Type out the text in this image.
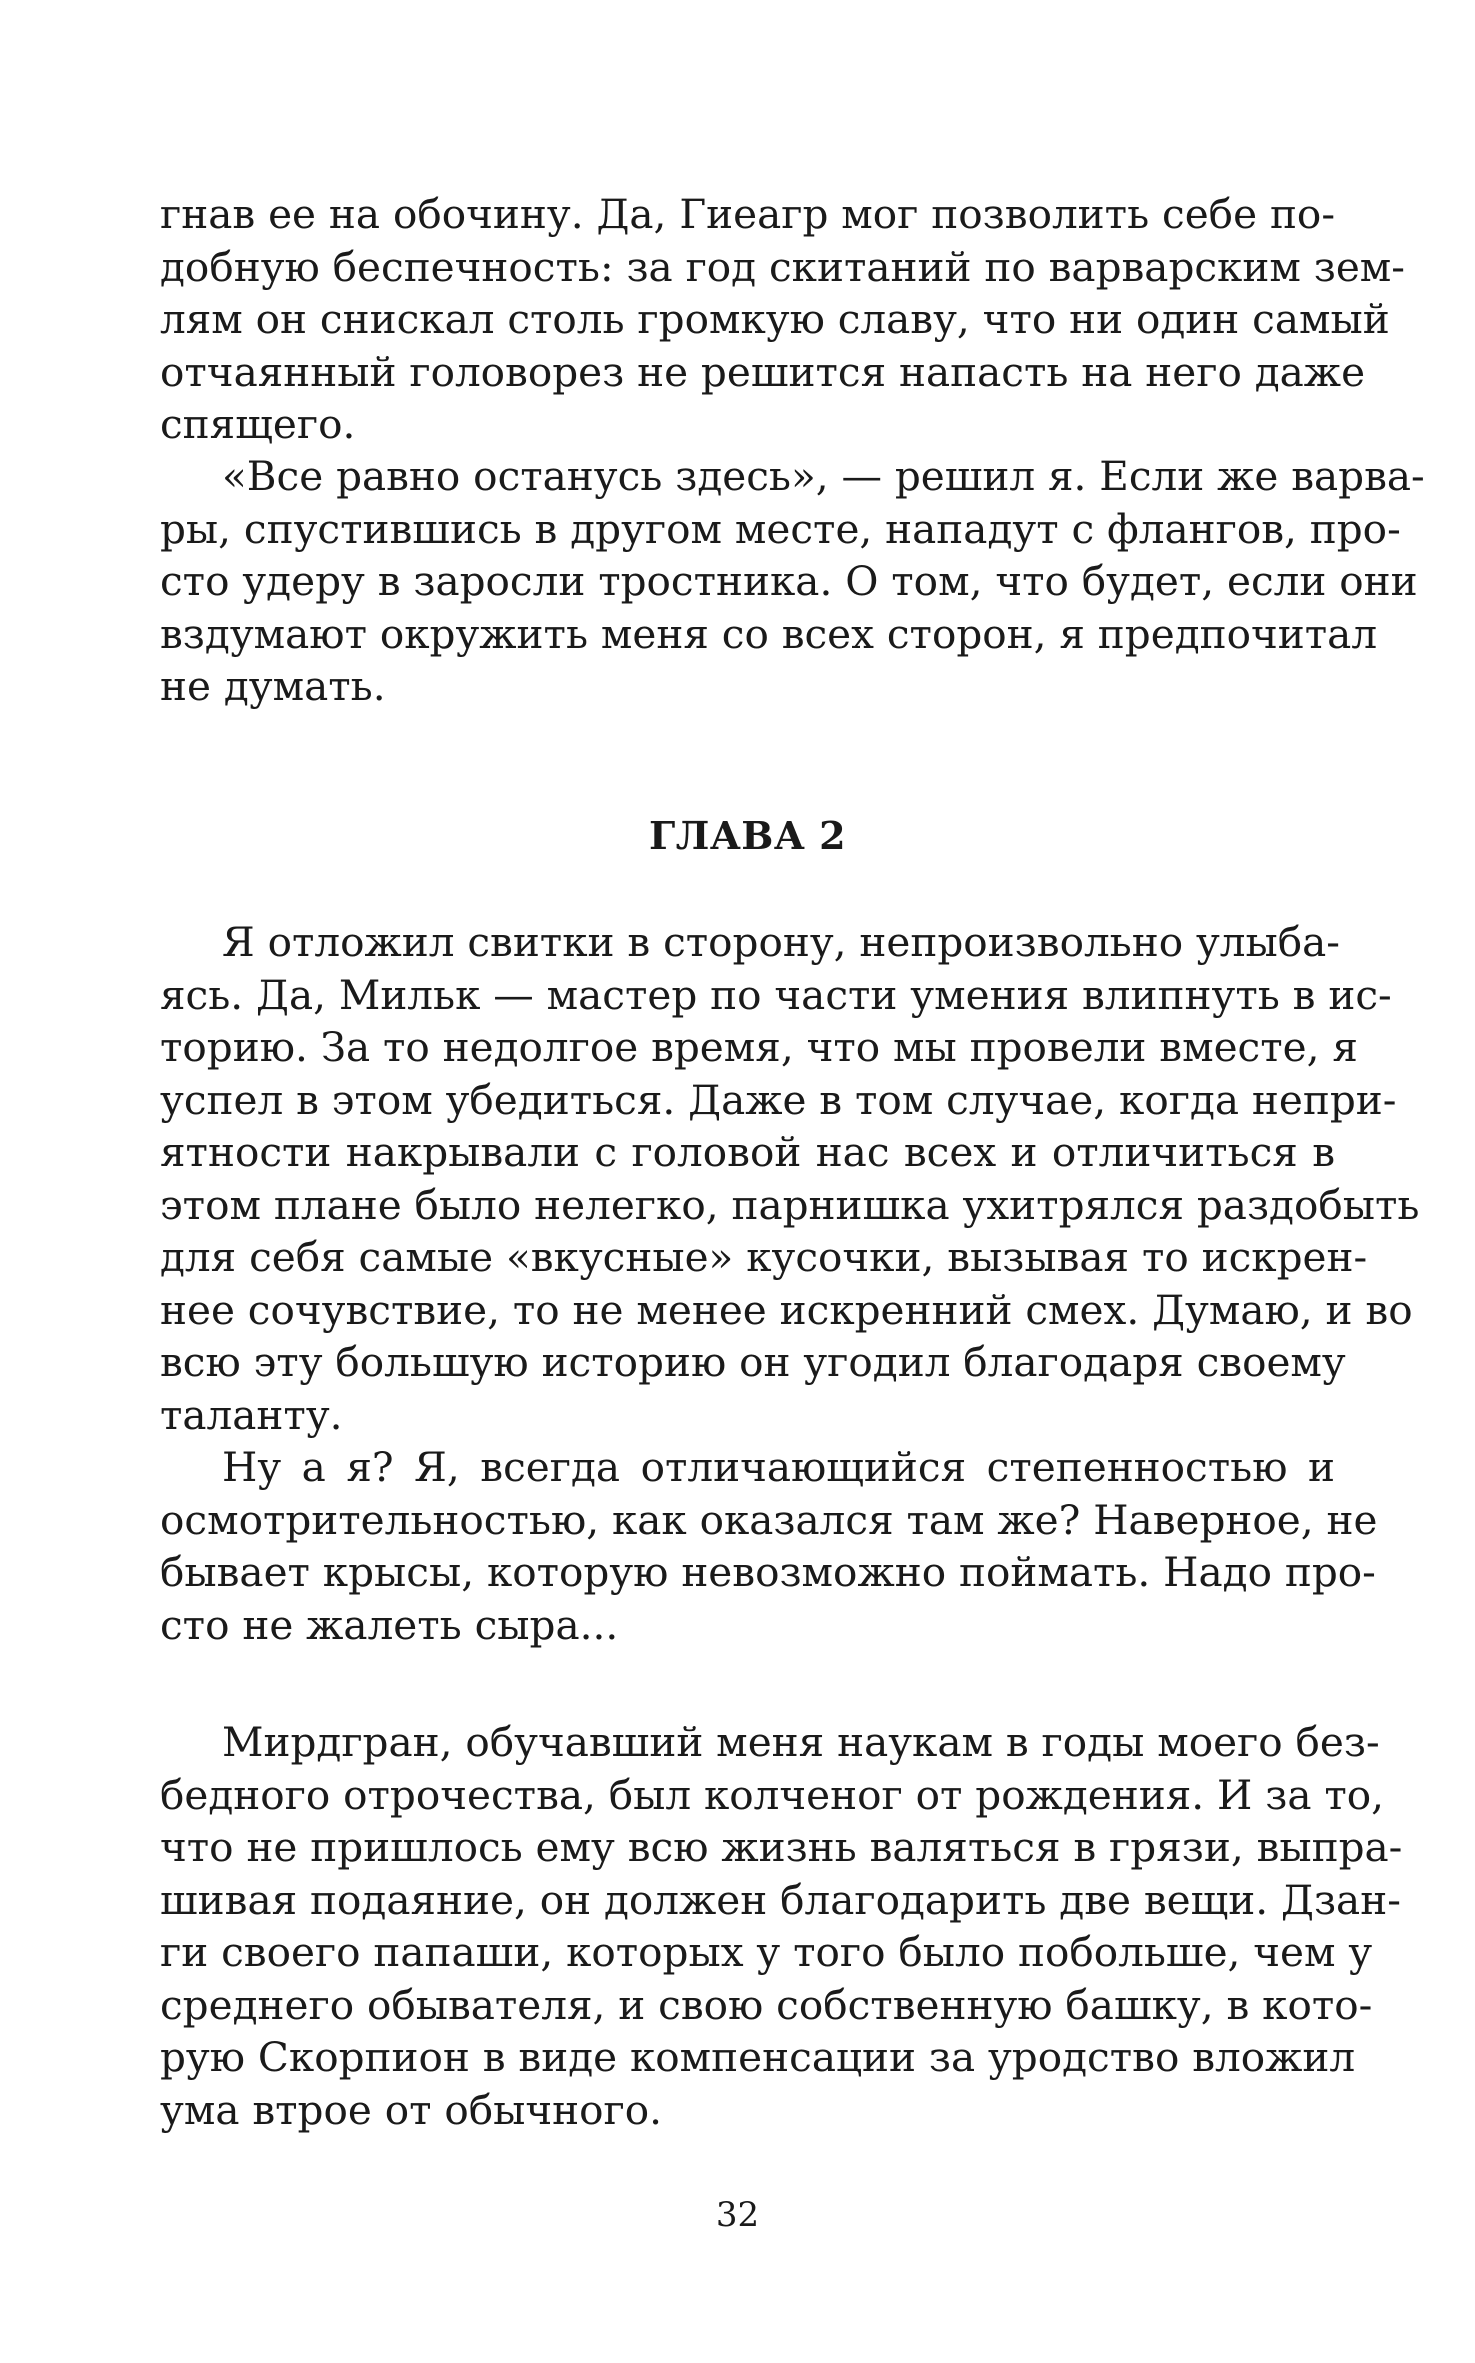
гнав ее на обочину. Да, Гиеагр мог позволить себе по-
добную беспечность: за год скитаний по варварским зем-
лям он снискал столь громкую славу, что ни один самый
отчаянный головорез не решится напасть на него даже
спящего.
«Все равно останусь здесь», — решил я. Если же варва-
ры, спустившись в другом месте, нападут с флангов, про-
сто удеру в заросли тростника. О том, что будет, если они
вздумают окружить меня со всех сторон, я предпочитал
не думать.
ГЛАВА 2
Я отложил свитки в сторону, непроизвольно улыба-
ясь. Да, Мильк — мастер по части умения влипнуть в ис-
торию. За то недолгое время, что мы провели вместе, я
успел в этом убедиться. Даже в том случае, когда непри-
ятности накрывали с головой нас всех и отличиться в
этом плане было нелегко, парнишка ухитрялся раздобыть
для себя самые «вкусные» кусочки, вызывая то искрен-
нее сочувствие, то не менее искренний смех. Думаю, и во
всю эту большую историю он угодил благодаря своему
таланту.
Ну а я? Я, всегда отличающийся степенностью и
осмотрительностью, как оказался там же? Наверное, не
бывает крысы, которую невозможно поймать. Надо про-
сто не жалеть сыра...
Мирдгран, обучавший меня наукам в годы моего без-
бедного отрочества, был колченог от рождения. И за то,
что не пришлось ему всю жизнь валяться в грязи, выпра-
шивая подаяние, он должен благодарить две вещи. Дзан-
ги своего папаши, которых у того было побольше, чем у
среднего обывателя, и свою собственную башку, в кото-
рую Скорпион в виде компенсации за уродство вложил
ума втрое от обычного.
32
